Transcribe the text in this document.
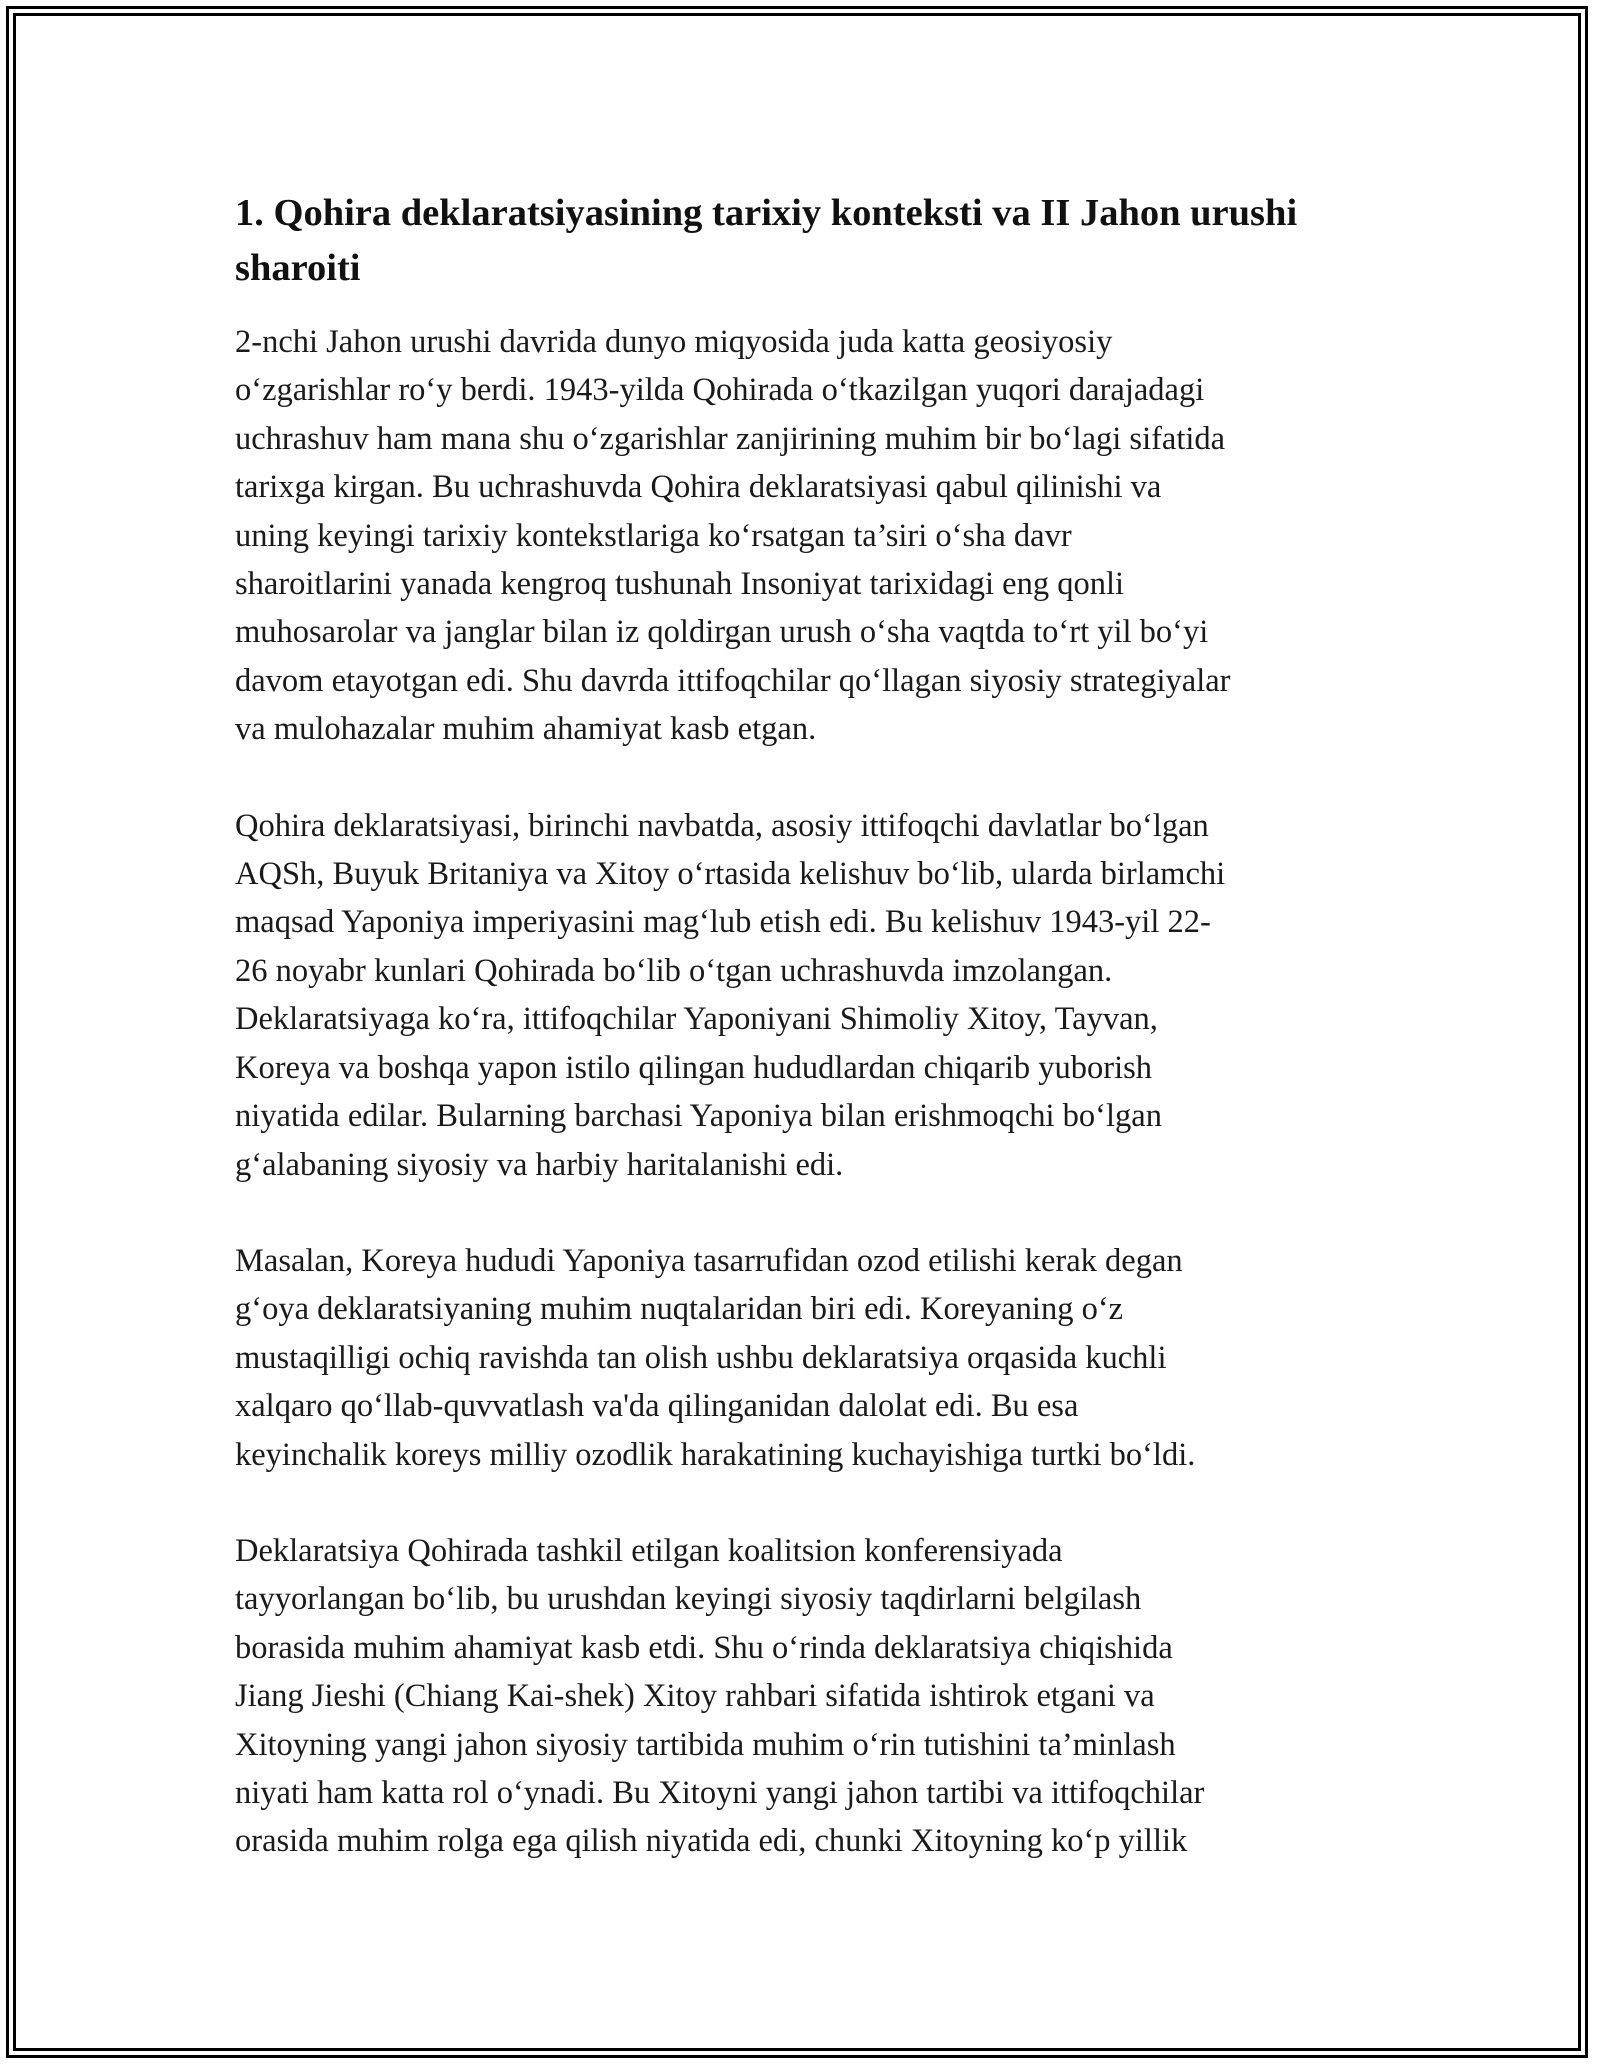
1. Qohira deklaratsiyasining tarixiy konteksti va II Jahon urushi sharoiti

2-nchi Jahon urushi davrida dunyo miqyosida juda katta geosiyosiy
o‘zgarishlar ro‘y berdi. 1943-yilda Qohirada o‘tkazilgan yuqori darajadagi
uchrashuv ham mana shu o‘zgarishlar zanjirining muhim bir bo‘lagi sifatida
tarixga kirgan. Bu uchrashuvda Qohira deklaratsiyasi qabul qilinishi va
uning keyingi tarixiy kontekstlariga ko‘rsatgan ta’siri o‘sha davr
sharoitlarini yanada kengroq tushunah Insoniyat tarixidagi eng qonli
muhosarolar va janglar bilan iz qoldirgan urush o‘sha vaqtda to‘rt yil bo‘yi
davom etayotgan edi. Shu davrda ittifoqchilar qo‘llagan siyosiy strategiyalar
va mulohazalar muhim ahamiyat kasb etgan.

Qohira deklaratsiyasi, birinchi navbatda, asosiy ittifoqchi davlatlar bo‘lgan
AQSh, Buyuk Britaniya va Xitoy o‘rtasida kelishuv bo‘lib, ularda birlamchi
maqsad Yaponiya imperiyasini mag‘lub etish edi. Bu kelishuv 1943-yil 22-
26 noyabr kunlari Qohirada bo‘lib o‘tgan uchrashuvda imzolangan.
Deklaratsiyaga ko‘ra, ittifoqchilar Yaponiyani Shimoliy Xitoy, Tayvan,
Koreya va boshqa yapon istilo qilingan hududlardan chiqarib yuborish
niyatida edilar. Bularning barchasi Yaponiya bilan erishmoqchi bo‘lgan
g‘alabaning siyosiy va harbiy haritalanishi edi.

Masalan, Koreya hududi Yaponiya tasarrufidan ozod etilishi kerak degan
g‘oya deklaratsiyaning muhim nuqtalaridan biri edi. Koreyaning o‘z
mustaqilligi ochiq ravishda tan olish ushbu deklaratsiya orqasida kuchli
xalqaro qo‘llab-quvvatlash va'da qilinganidan dalolat edi. Bu esa
keyinchalik koreys milliy ozodlik harakatining kuchayishiga turtki bo‘ldi.

Deklaratsiya Qohirada tashkil etilgan koalitsion konferensiyada
tayyorlangan bo‘lib, bu urushdan keyingi siyosiy taqdirlarni belgilash
borasida muhim ahamiyat kasb etdi. Shu o‘rinda deklaratsiya chiqishida
Jiang Jieshi (Chiang Kai-shek) Xitoy rahbari sifatida ishtirok etgani va
Xitoyning yangi jahon siyosiy tartibida muhim o‘rin tutishini ta’minlash
niyati ham katta rol o‘ynadi. Bu Xitoyni yangi jahon tartibi va ittifoqchilar
orasida muhim rolga ega qilish niyatida edi, chunki Xitoyning ko‘p yillik
